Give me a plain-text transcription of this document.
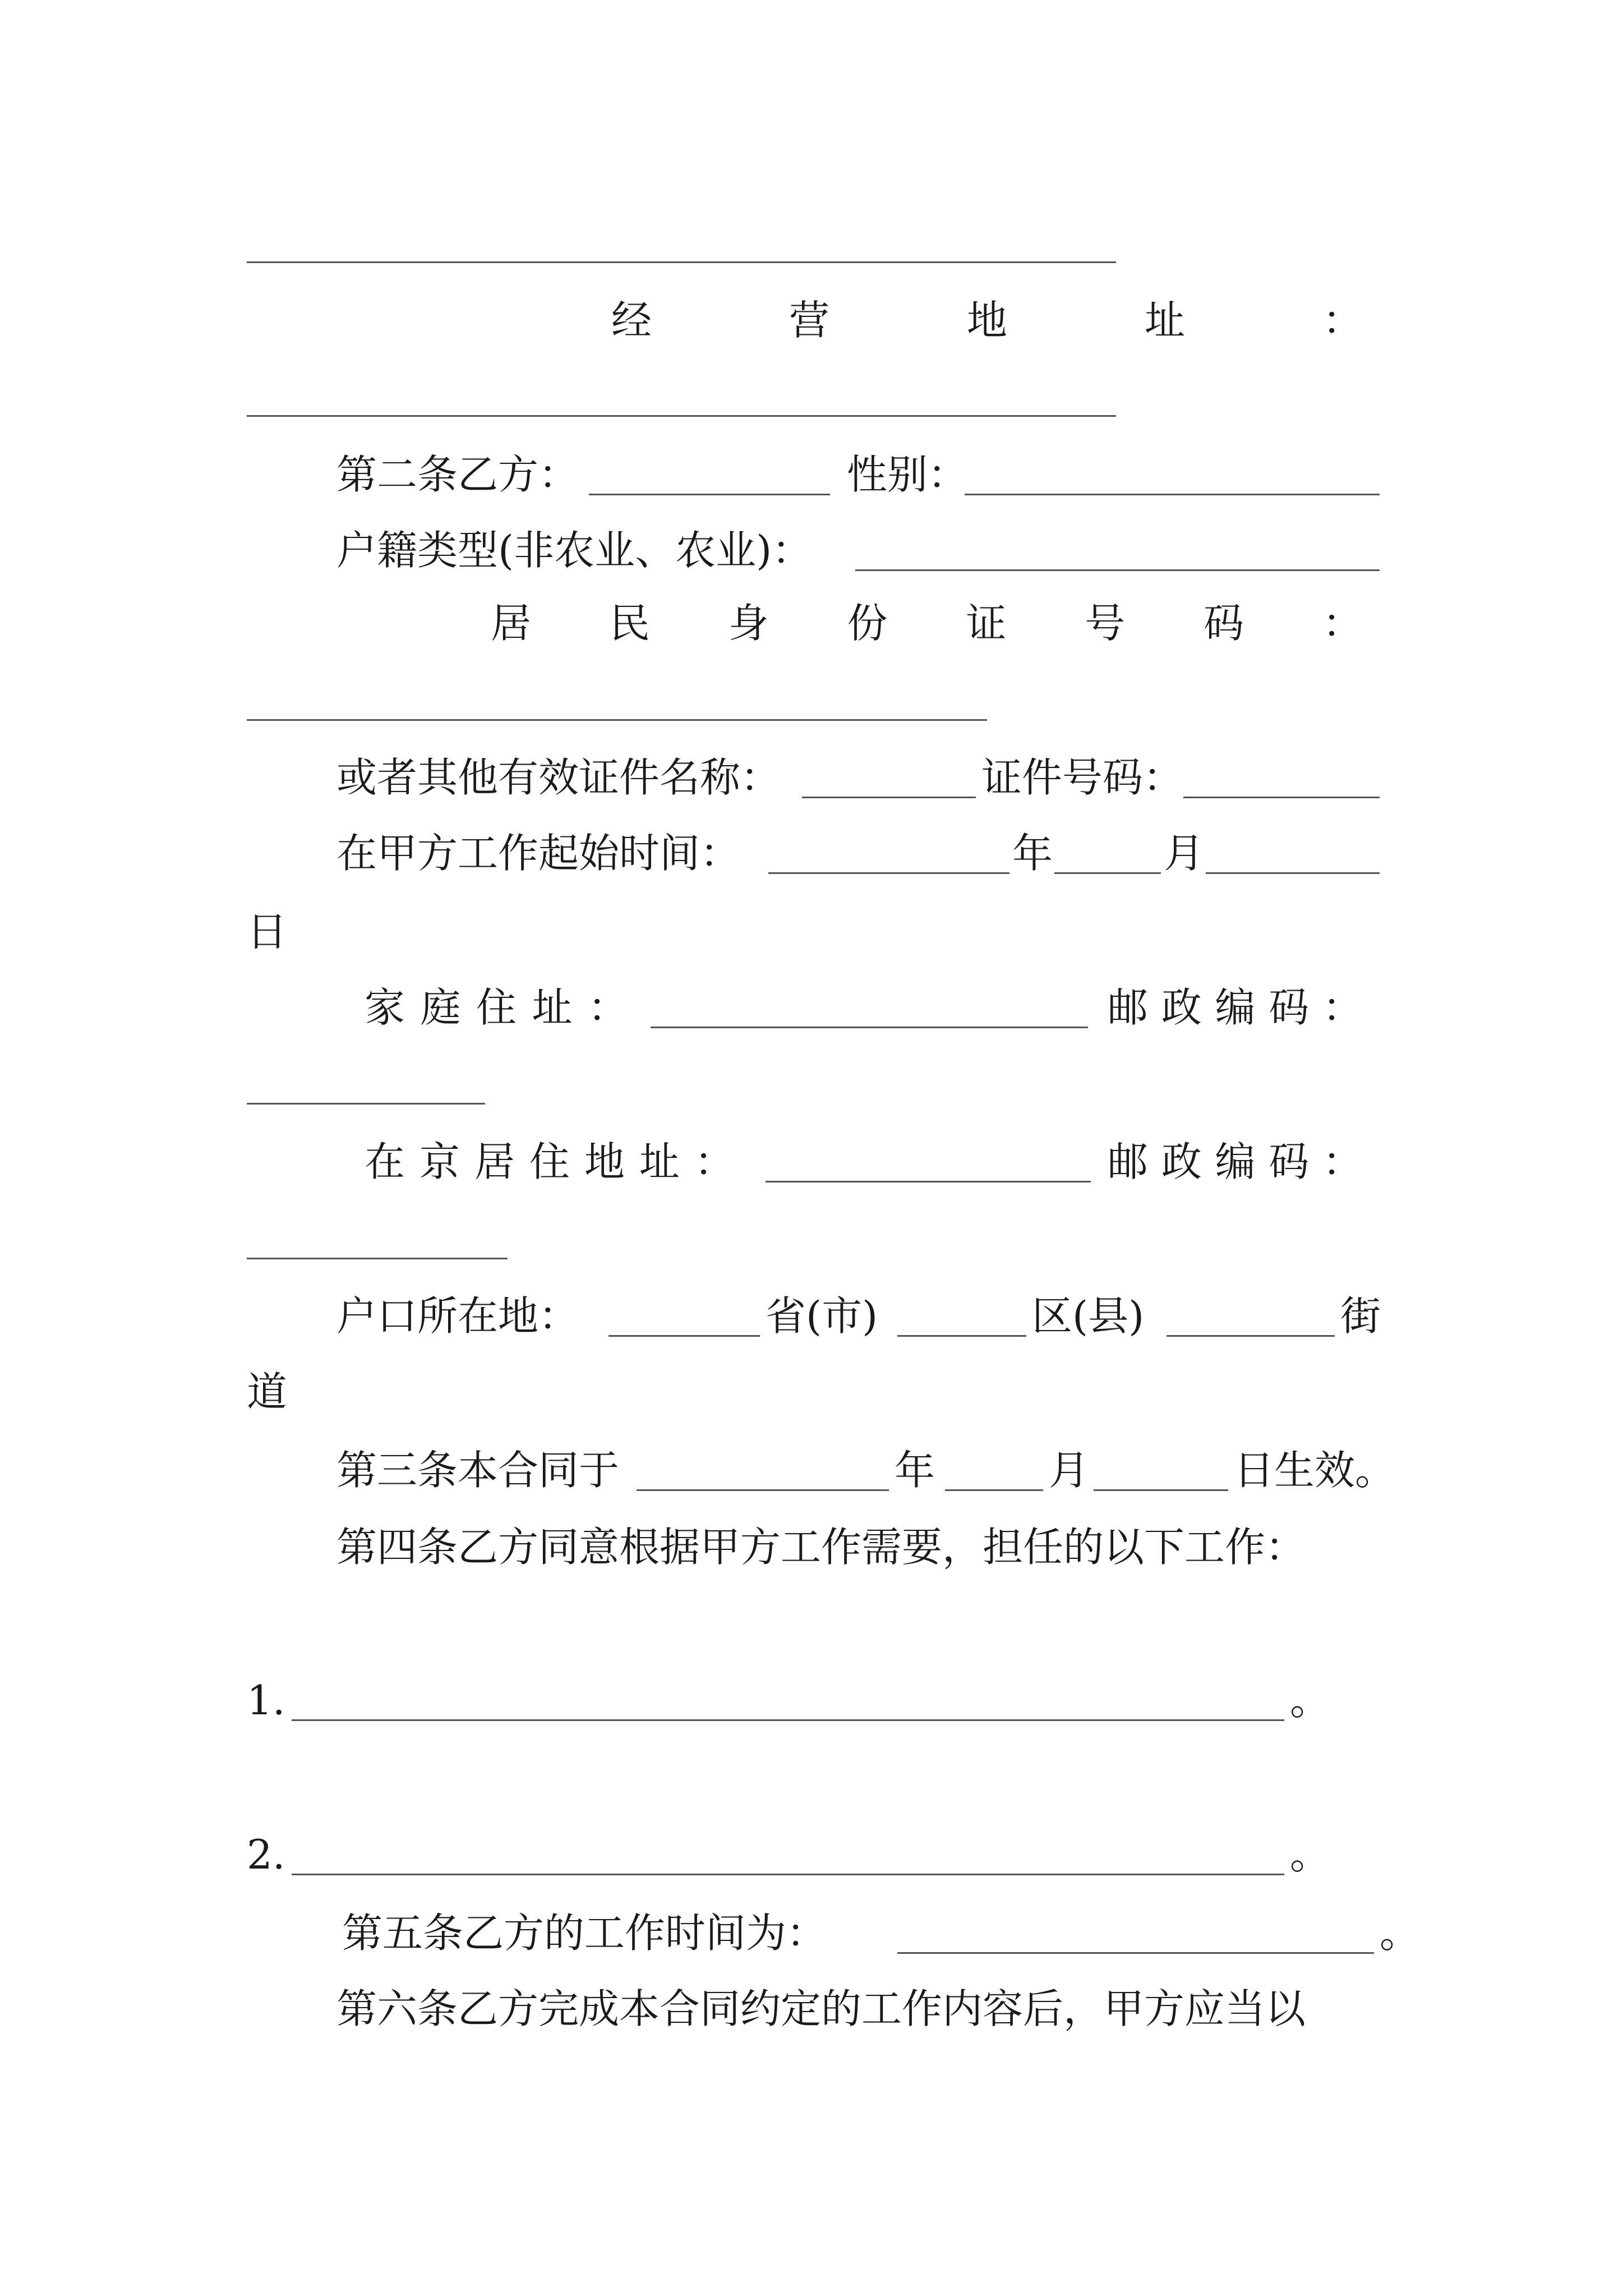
经	营	地	址	：
第二条乙方：	性别：
户籍类型(非农业、农业)：
居 民 身 份 证 号 码 ：
或者其他有效证件名称：	证件号码：
在甲方工作起始时间：	年	月
日
家 庭 住 址 ：	邮 政 编 码 ：
在 京 居 住 地 址 ：	邮 政 编 码 ：
户口所在地：	省(市)	区(县)	街
道
第三条本合同于	年	月	日生效。
第四条乙方同意根据甲方工作需要，担任的以下工作：
1.	。
2.	。
第五条乙方的工作时间为：	。
第六条乙方完成本合同约定的工作内容后，甲方应当以
